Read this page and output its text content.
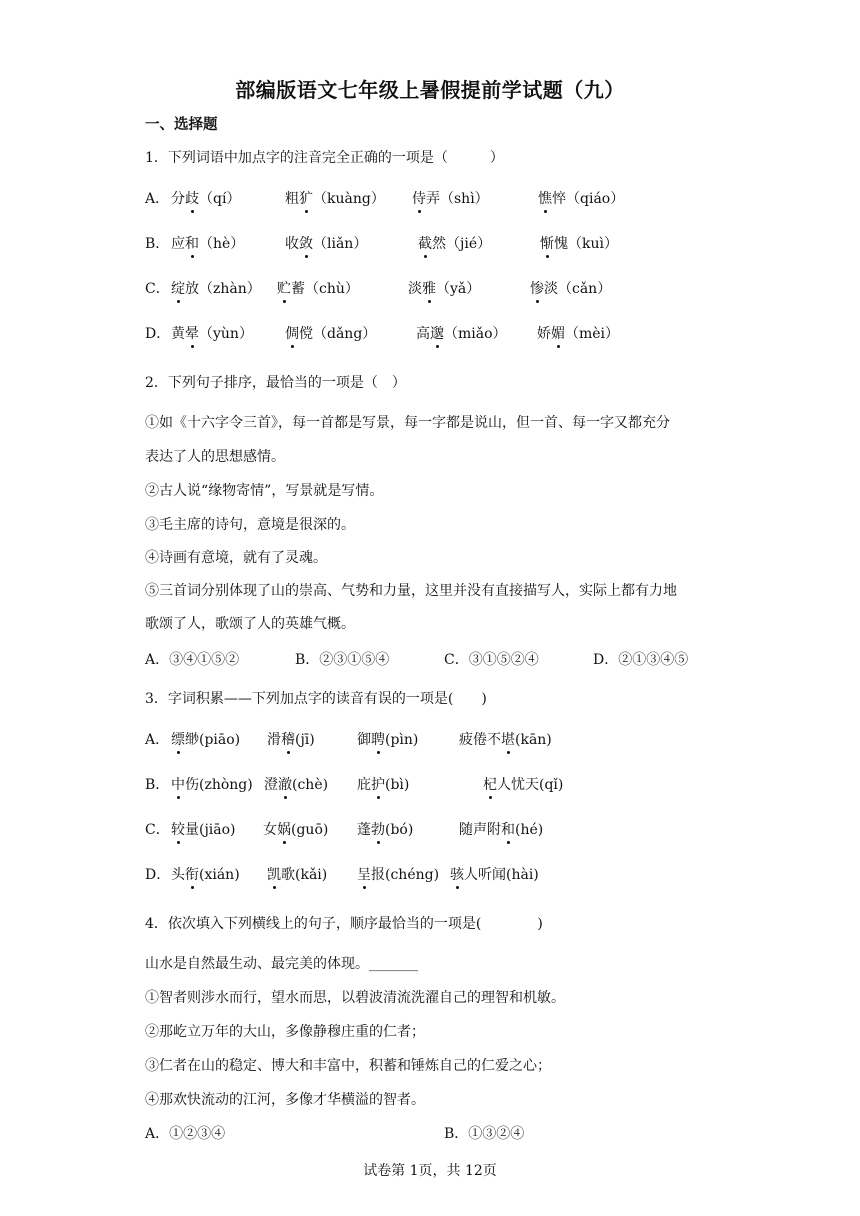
部编版语文七年级上暑假提前学试题（九）
一、选择题
1．下列词语中加点字的注音完全正确的一项是（　　　）
A． 分歧（qí）	粗犷（kuàng） 侍弄（shì）	憔悴（qiáo）
B． 应和（hè）	收敛（liǎn）	截然（jié）	惭愧（kuì）
C． 绽放（zhàn） 贮蓄（chù）	淡雅（yǎ）	惨淡（cǎn）
D． 黄晕（yùn） 倜傥（dǎng）	高邈（miǎo） 娇媚（mèi）
2．下列句子排序，最恰当的一项是（　）
①如《十六字令三首》，每一首都是写景，每一字都是说山，但一首、每一字又都充分
表达了人的思想感情。
②古人说“缘物寄情”，写景就是写情。
③毛主席的诗句，意境是很深的。
④诗画有意境，就有了灵魂。
⑤三首词分别体现了山的崇高、气势和力量，这里并没有直接描写人，实际上都有力地
歌颂了人，歌颂了人的英雄气概。
A．③④①⑤②	B．②③①⑤④	C．③①⑤②④	D．②①③④⑤
3．字词积累——下列加点字的读音有误的一项是(　　)
A． 缥缈(piāo) 滑稽(jī)	御聘(pìn)	疲倦不堪(kān)
B． 中伤(zhòng) 澄澈(chè) 庇护(bì)	杞人忧天(qǐ)
C． 较量(jiāo) 女娲(guō) 蓬勃(bó)	随声附和(hé)
D． 头衔(xián) 凯歌(kǎi) 呈报(chéng) 骇人听闻(hài)
4．依次填入下列横线上的句子，顺序最恰当的一项是(　　　　)
山水是自然最生动、最完美的体现。_______
①智者则涉水而行，望水而思，以碧波清流洗濯自己的理智和机敏。
②那屹立万年的大山，多像静穆庄重的仁者；
③仁者在山的稳定、博大和丰富中，积蓄和锤炼自己的仁爱之心；
④那欢快流动的江河，多像才华横溢的智者。
A．①②③④	B．①③②④
试卷第 1页，共 12页
